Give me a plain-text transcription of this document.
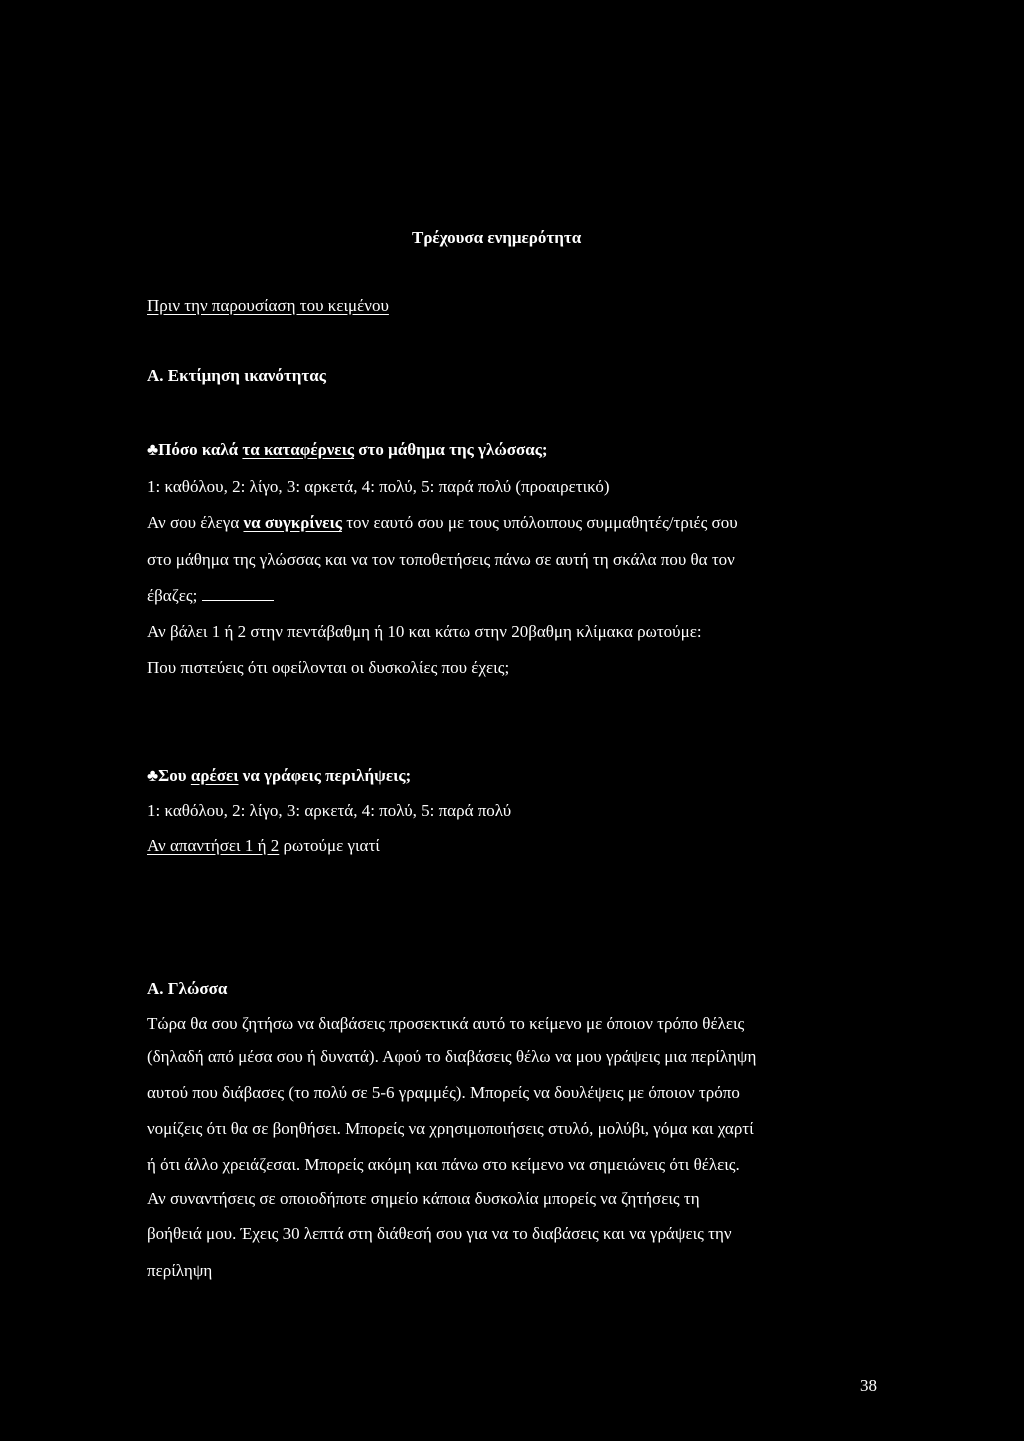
Τρέχουσα ενημερότητα
Πριν την παρουσίαση του κειμένου
Α. Εκτίμηση ικανότητας
♣Πόσο καλά τα καταφέρνεις στο μάθημα της γλώσσας;
1: καθόλου, 2: λίγο, 3: αρκετά, 4: πολύ, 5: παρά πολύ (προαιρετικό)
Αν σου έλεγα να συγκρίνεις τον εαυτό σου με τους υπόλοιπους συμμαθητές/τριές σου
στο μάθημα της γλώσσας και να τον τοποθετήσεις πάνω σε αυτή τη σκάλα που θα τον
έβαζες;
Αν βάλει 1 ή 2 στην πεντάβαθμη ή 10 και κάτω στην 20βαθμη κλίμακα ρωτούμε:
Που πιστεύεις ότι οφείλονται οι δυσκολίες που έχεις;
♣Σου αρέσει να γράφεις περιλήψεις;
1: καθόλου, 2: λίγο, 3: αρκετά, 4: πολύ, 5: παρά πολύ
Αν απαντήσει 1 ή 2 ρωτούμε γιατί
Α. Γλώσσα
Τώρα θα σου ζητήσω να διαβάσεις προσεκτικά αυτό το κείμενο με όποιον τρόπο θέλεις
(δηλαδή από μέσα σου ή δυνατά). Αφού το διαβάσεις θέλω να μου γράψεις μια περίληψη
αυτού που διάβασες (το πολύ σε 5-6 γραμμές). Μπορείς να δουλέψεις με όποιον τρόπο
νομίζεις ότι θα σε βοηθήσει. Μπορείς να χρησιμοποιήσεις στυλό, μολύβι, γόμα και χαρτί
ή ότι άλλο χρειάζεσαι. Μπορείς ακόμη και πάνω στο κείμενο να σημειώνεις ότι θέλεις.
Αν συναντήσεις σε οποιοδήποτε σημείο κάποια δυσκολία μπορείς να ζητήσεις τη
βοήθειά μου. Έχεις 30 λεπτά στη διάθεσή σου για να το διαβάσεις και να γράψεις την
περίληψη
38
